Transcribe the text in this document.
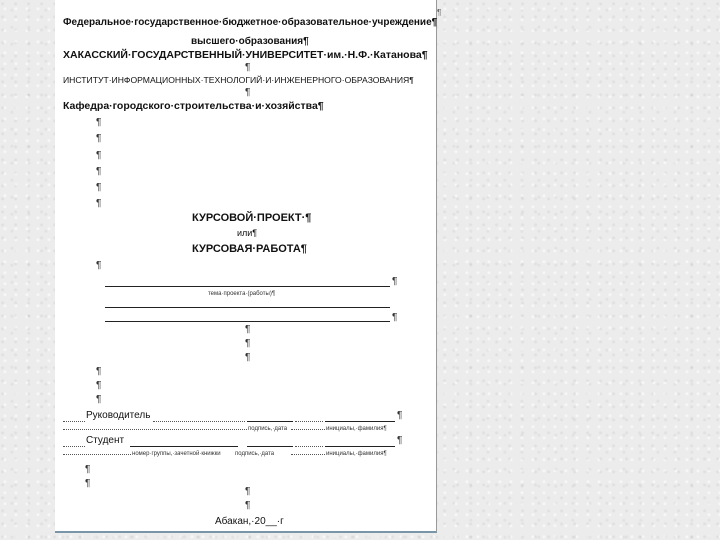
Федеральное·государственное·бюджетное·образовательное·учреждение¶
высшего·образования¶
ХАКАССКИЙ·ГОСУДАРСТВЕННЫЙ·УНИВЕРСИТЕТ·им.·Н.Ф.·Катанова¶
¶
ИНСТИТУТ·ИНФОРМАЦИОННЫХ·ТЕХНОЛОГИЙ·И·ИНЖЕНЕРНОГО·ОБРАЗОВАНИЯ¶
¶
Кафедра·городского·строительства·и·хозяйства¶
¶
¶
¶
¶
¶
¶
КУРСОВОЙ·ПРОЕКТ·¶
или¶
КУРСОВАЯ·РАБОТА¶
¶
¶
тема·проекта·(работы)¶
¶
¶
¶
¶
¶
¶
¶
Руководитель	¶
подпись,·дата	инициалы,·фамилия¶
Студент	¶
номер·группы,·зачетной·книжки подпись,·дата	инициалы,·фамилия¶
¶
¶
¶
¶
Абакан,·20__·г
¶
